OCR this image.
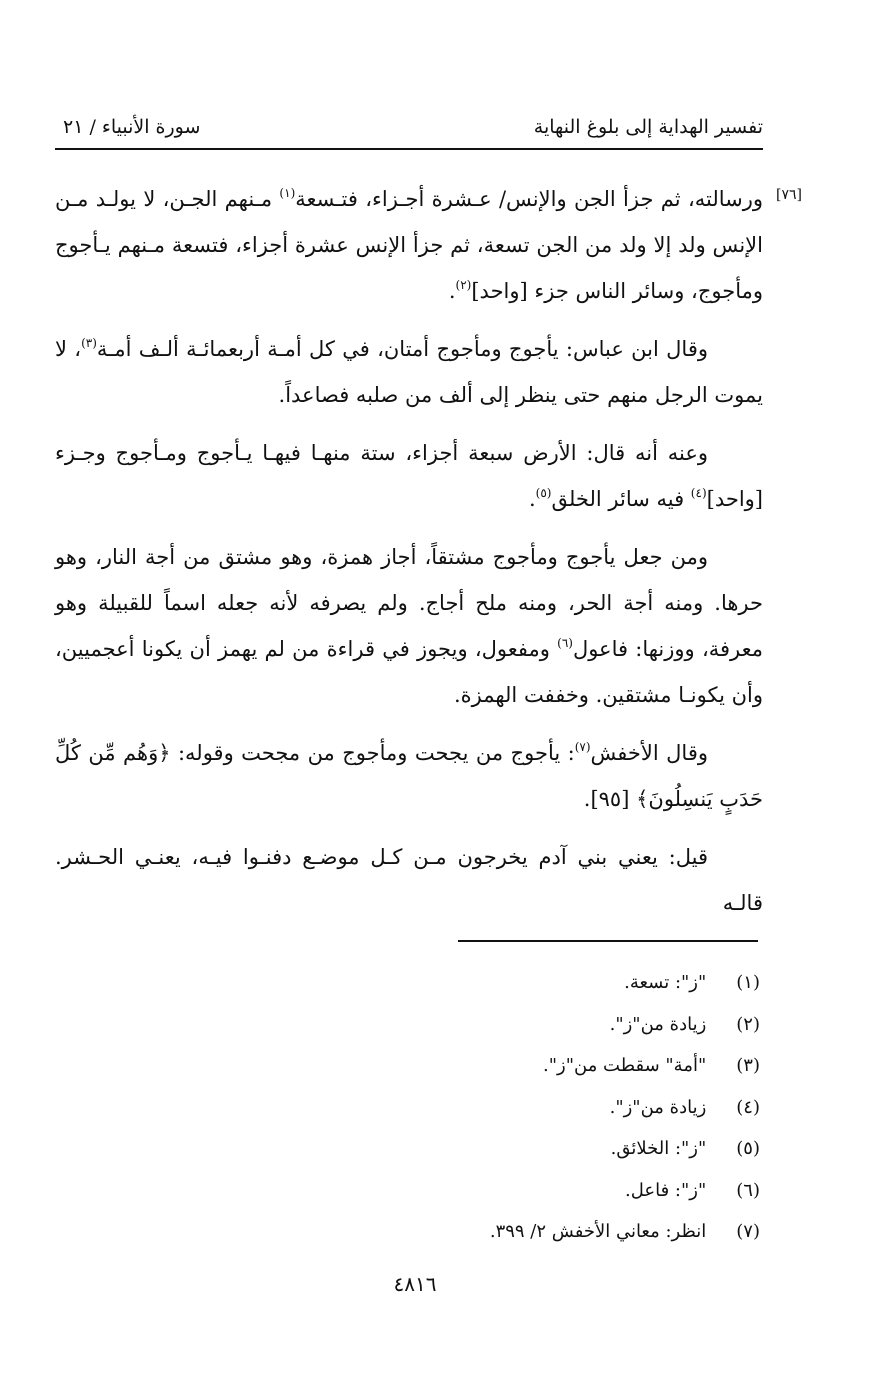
تفسير الهداية إلى بلوغ النهاية
سورة الأنبياء / ٢١
[٧٦]

ورسالته، ثم جزأ الجن والإنس/ عـشرة أجـزاء، فتـسعة$^{(١)}$ مـنهم الجـن، لا يولـد مـن الإنس ولد إلا ولد من الجن تسعة، ثم جزأ الإنس عشرة أجزاء، فتسعة مـنهم يـأجوج ومأجوج، وسائر الناس جزء [واحد]$^{(٢)}$.

وقال ابن عباس: يأجوج ومأجوج أمتان، في كل أمـة أربعمائـة ألـف أمـة$^{(٣)}$، لا يموت الرجل منهم حتى ينظر إلى ألف من صلبه فصاعداً.

وعنه أنه قال: الأرض سبعة أجزاء، ستة منهـا فيهـا يـأجوج ومـأجوج وجـزء [واحد]$^{(٤)}$ فيه سائر الخلق$^{(٥)}$.

ومن جعل يأجوج ومأجوج مشتقاً، أجاز همزة، وهو مشتق من أجة النار، وهو حرها. ومنه أجة الحر، ومنه ملح أجاج. ولم يصرفه لأنه جعله اسماً للقبيلة وهو معرفة، ووزنها: فاعول$^{(٦)}$ ومفعول، ويجوز في قراءة من لم يهمز أن يكونا أعجميين، وأن يكونـا مشتقين. وخففت الهمزة.

وقال الأخفش$^{(٧)}$: يأجوج من يجحت ومأجوج من مجحت وقوله: ﴿وَهُم مِّن كُلِّ حَدَبٍ يَنسِلُونَ﴾ [٩٥].

قيل: يعني بني آدم يخرجون مـن كـل موضـع دفنـوا فيـه، يعنـي الحـشر. قالـه

(١) "ز": تسعة.
(٢) زيادة من"ز".
(٣) "أمة" سقطت من"ز".
(٤) زيادة من"ز".
(٥) "ز": الخلائق.
(٦) "ز": فاعل.
(٧) انظر: معاني الأخفش ٢/ ٣٩٩.
٤٨١٦
